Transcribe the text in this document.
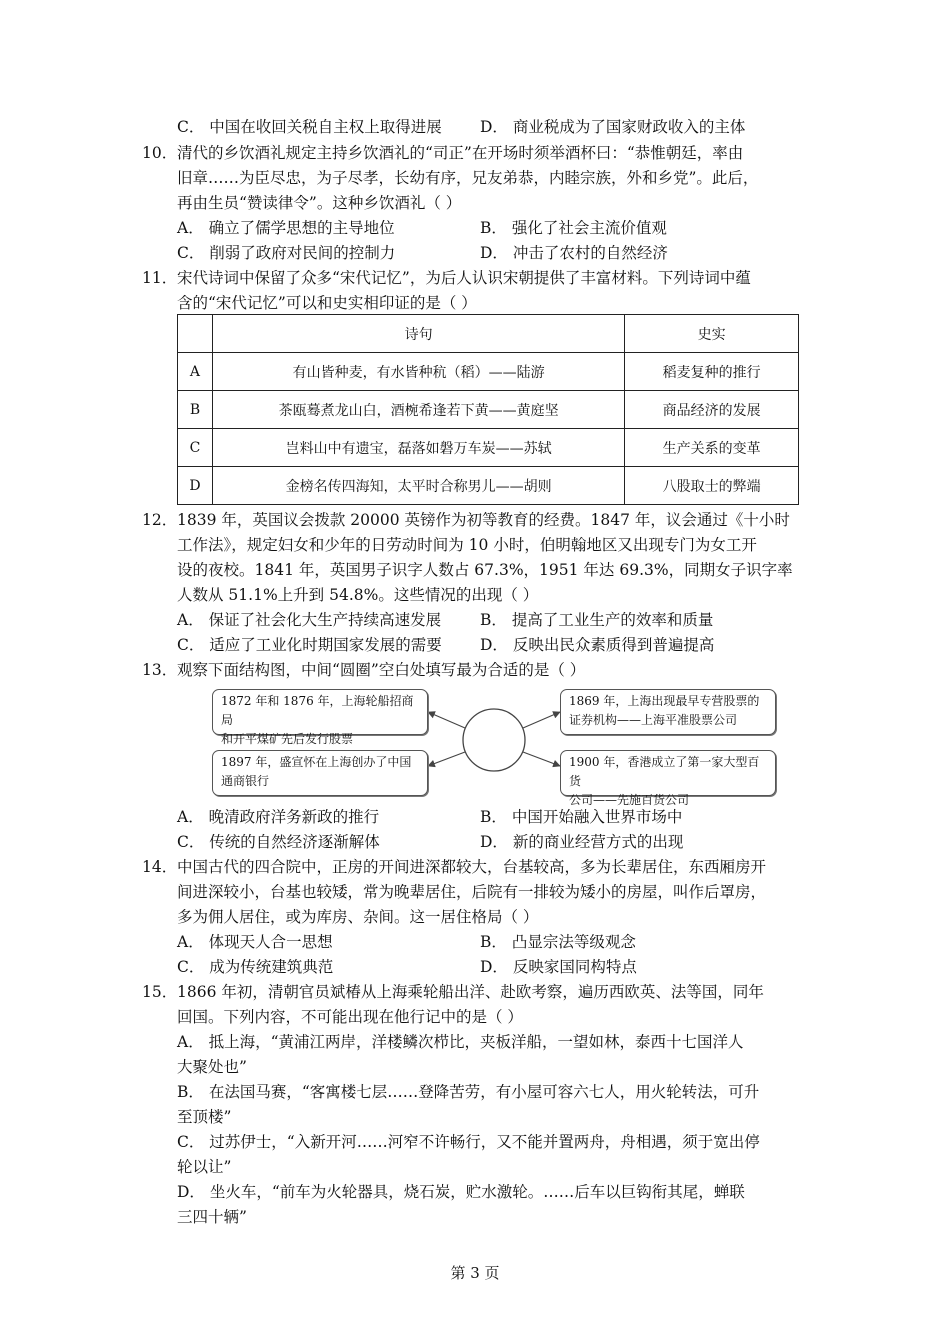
C． 中国在收回关税自主权上取得进展 D． 商业税成为了国家财政收入的主体
10． 清代的乡饮酒礼规定主持乡饮酒礼的“司正”在开场时须举酒杯曰：“恭惟朝廷，率由
旧章……为臣尽忠，为子尽孝，长幼有序，兄友弟恭，内睦宗族，外和乡党”。此后，
再由生员“赞读律令”。这种乡饮酒礼（ ）
A． 确立了儒学思想的主导地位	B． 强化了社会主流价值观
C． 削弱了政府对民间的控制力	D． 冲击了农村的自然经济
11． 宋代诗词中保留了众多“宋代记忆”，为后人认识宋朝提供了丰富材料。下列诗词中蕴
含的“宋代记忆”可以和史实相印证的是（ ）
	诗句	史实
A	有山皆种麦，有水皆种秔（稻）——陆游	稻麦复种的推行
B	茶瓯蓦煮龙山白，酒椀希逢若下黄——黄庭坚	商品经济的发展
C	岂料山中有遗宝，磊落如磐万车炭——苏轼	生产关系的变革
D	金榜名传四海知，太平时合称男儿——胡则	八股取士的弊端
12． 1839 年，英国议会拨款 20000 英镑作为初等教育的经费。1847 年，议会通过《十小时
工作法》，规定妇女和少年的日劳动时间为 10 小时，伯明翰地区又出现专门为女工开
设的夜校。1841 年，英国男子识字人数占 67.3%，1951 年达 69.3%，同期女子识字率
人数从 51.1%上升到 54.8%。这些情况的出现（ ）
A． 保证了社会化大生产持续高速发展	B． 提高了工业生产的效率和质量
C． 适应了工业化时期国家发展的需要 D． 反映出民众素质得到普遍提高
13． 观察下面结构图，中间“圆圈”空白处填写最为合适的是（ ）
1872 年和 1876 年，上海轮船招商局
和开平煤矿先后发行股票
1897 年，盛宣怀在上海创办了中国
通商银行
1869 年，上海出现最早专营股票的
证券机构——上海平准股票公司
1900 年，香港成立了第一家大型百货
公司——先施百货公司
A． 晚清政府洋务新政的推行	B． 中国开始融入世界市场中
C． 传统的自然经济逐渐解体	D． 新的商业经营方式的出现
14． 中国古代的四合院中，正房的开间进深都较大，台基较高，多为长辈居住，东西厢房开
间进深较小，台基也较矮，常为晚辈居住，后院有一排较为矮小的房屋，叫作后罩房，
多为佣人居住，或为库房、杂间。这一居住格局（ ）
A． 体现天人合一思想	B． 凸显宗法等级观念
C． 成为传统建筑典范	D． 反映家国同构特点
15． 1866 年初，清朝官员斌椿从上海乘轮船出洋、赴欧考察，遍历西欧英、法等国，同年
回国。下列内容，不可能出现在他行记中的是（ ）
A． 抵上海，“黄浦江两岸，洋楼鳞次栉比，夹板洋船，一望如林，泰西十七国洋人
大聚处也”
B． 在法国马赛，“客寓楼七层……登降苦劳，有小屋可容六七人，用火轮转法，可升
至顶楼”
C． 过苏伊士，“入新开河……河窄不许畅行，又不能并置两舟，舟相遇，须于宽出停
轮以让”
D． 坐火车，“前车为火轮器具，烧石炭，贮水激轮。……后车以巨钩衔其尾，蝉联
三四十辆”
第 3 页
